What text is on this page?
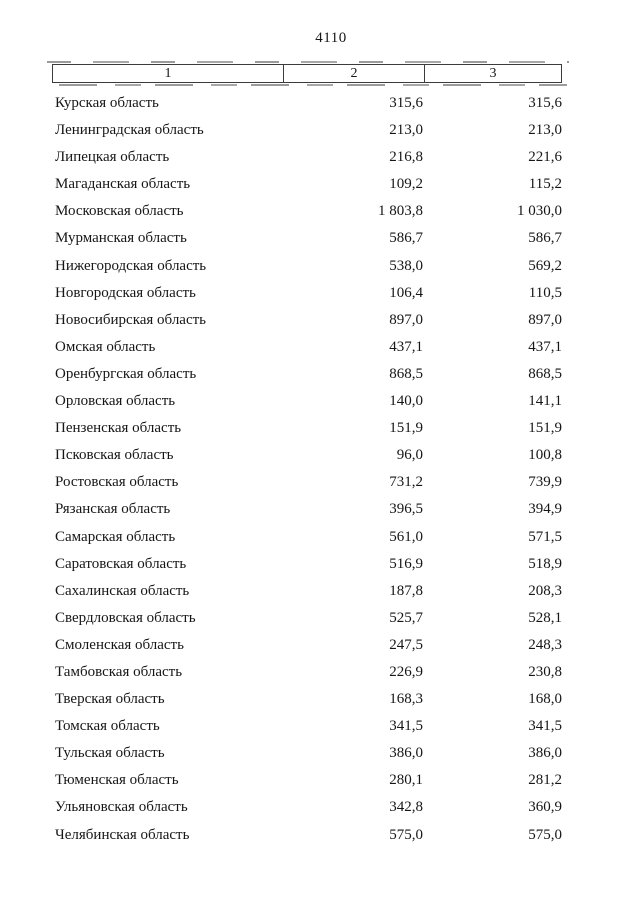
4110
1	2	3
Курская область	315,6	315,6
Ленинградская область	213,0	213,0
Липецкая область	216,8	221,6
Магаданская область	109,2	115,2
Московская область	1 803,8	1 030,0
Мурманская область	586,7	586,7
Нижегородская область	538,0	569,2
Новгородская область	106,4	110,5
Новосибирская область	897,0	897,0
Омская область	437,1	437,1
Оренбургская область	868,5	868,5
Орловская область	140,0	141,1
Пензенская область	151,9	151,9
Псковская область	96,0	100,8
Ростовская область	731,2	739,9
Рязанская область	396,5	394,9
Самарская область	561,0	571,5
Саратовская область	516,9	518,9
Сахалинская область	187,8	208,3
Свердловская область	525,7	528,1
Смоленская область	247,5	248,3
Тамбовская область	226,9	230,8
Тверская область	168,3	168,0
Томская область	341,5	341,5
Тульская область	386,0	386,0
Тюменская область	280,1	281,2
Ульяновская область	342,8	360,9
Челябинская область	575,0	575,0
